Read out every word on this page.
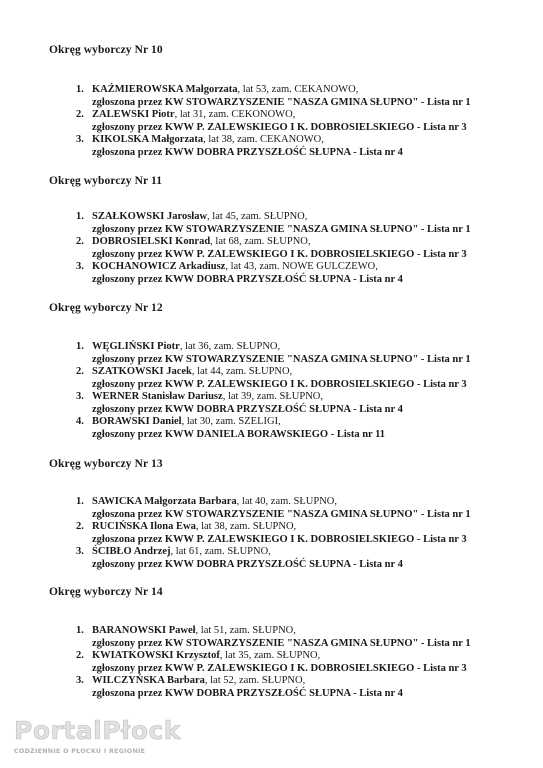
Okręg wyborczy Nr 10
1. KAŹMIEROWSKA Małgorzata, lat 53, zam. CEKANOWO,
zgłoszona przez KW STOWARZYSZENIE "NASZA GMINA SŁUPNO" - Lista nr 1
2. ZALEWSKI Piotr, lat 31, zam. CEKONOWO,
zgłoszony przez KWW P. ZALEWSKIEGO I K. DOBROSIELSKIEGO - Lista nr 3
3. KIKOLSKA Małgorzata, lat 38, zam. CEKANOWO,
zgłoszona przez KWW DOBRA PRZYSZŁOŚĆ SŁUPNA - Lista nr 4
Okręg wyborczy Nr 11
1. SZAŁKOWSKI Jarosław, lat 45, zam. SŁUPNO,
zgłoszony przez KW STOWARZYSZENIE "NASZA GMINA SŁUPNO" - Lista nr 1
2. DOBROSIELSKI Konrad, lat 68, zam. SŁUPNO,
zgłoszony przez KWW P. ZALEWSKIEGO I K. DOBROSIELSKIEGO - Lista nr 3
3. KOCHANOWICZ Arkadiusz, lat 43, zam. NOWE GULCZEWO,
zgłoszony przez KWW DOBRA PRZYSZŁOŚĆ SŁUPNA - Lista nr 4
Okręg wyborczy Nr 12
1. WĘGLIŃSKI Piotr, lat 36, zam. SŁUPNO,
zgłoszony przez KW STOWARZYSZENIE "NASZA GMINA SŁUPNO" - Lista nr 1
2. SZATKOWSKI Jacek, lat 44, zam. SŁUPNO,
zgłoszony przez KWW P. ZALEWSKIEGO I K. DOBROSIELSKIEGO - Lista nr 3
3. WERNER Stanisław Dariusz, lat 39, zam. SŁUPNO,
zgłoszony przez KWW DOBRA PRZYSZŁOŚĆ SŁUPNA - Lista nr 4
4. BORAWSKI Daniel, lat 30, zam. SZELIGI,
zgłoszony przez KWW DANIELA BORAWSKIEGO - Lista nr 11
Okręg wyborczy Nr 13
1. SAWICKA Małgorzata Barbara, lat 40, zam. SŁUPNO,
zgłoszona przez KW STOWARZYSZENIE "NASZA GMINA SŁUPNO" - Lista nr 1
2. RUCIŃSKA Ilona Ewa, lat 38, zam. SŁUPNO,
zgłoszona przez KWW P. ZALEWSKIEGO I K. DOBROSIELSKIEGO - Lista nr 3
3. ŚCIBŁO Andrzej, lat 61, zam. SŁUPNO,
zgłoszony przez KWW DOBRA PRZYSZŁOŚĆ SŁUPNA - Lista nr 4
Okręg wyborczy Nr 14
1. BARANOWSKI Paweł, lat 51, zam. SŁUPNO,
zgłoszony przez KW STOWARZYSZENIE "NASZA GMINA SŁUPNO" - Lista nr 1
2. KWIATKOWSKI Krzysztof, lat 35, zam. SŁUPNO,
zgłoszony przez KWW P. ZALEWSKIEGO I K. DOBROSIELSKIEGO - Lista nr 3
3. WILCZYŃSKA Barbara, lat 52, zam. SŁUPNO,
zgłoszona przez KWW DOBRA PRZYSZŁOŚĆ SŁUPNA - Lista nr 4
PortalPłock
CODZIENNIE O PŁOCKU I REGIONIE
